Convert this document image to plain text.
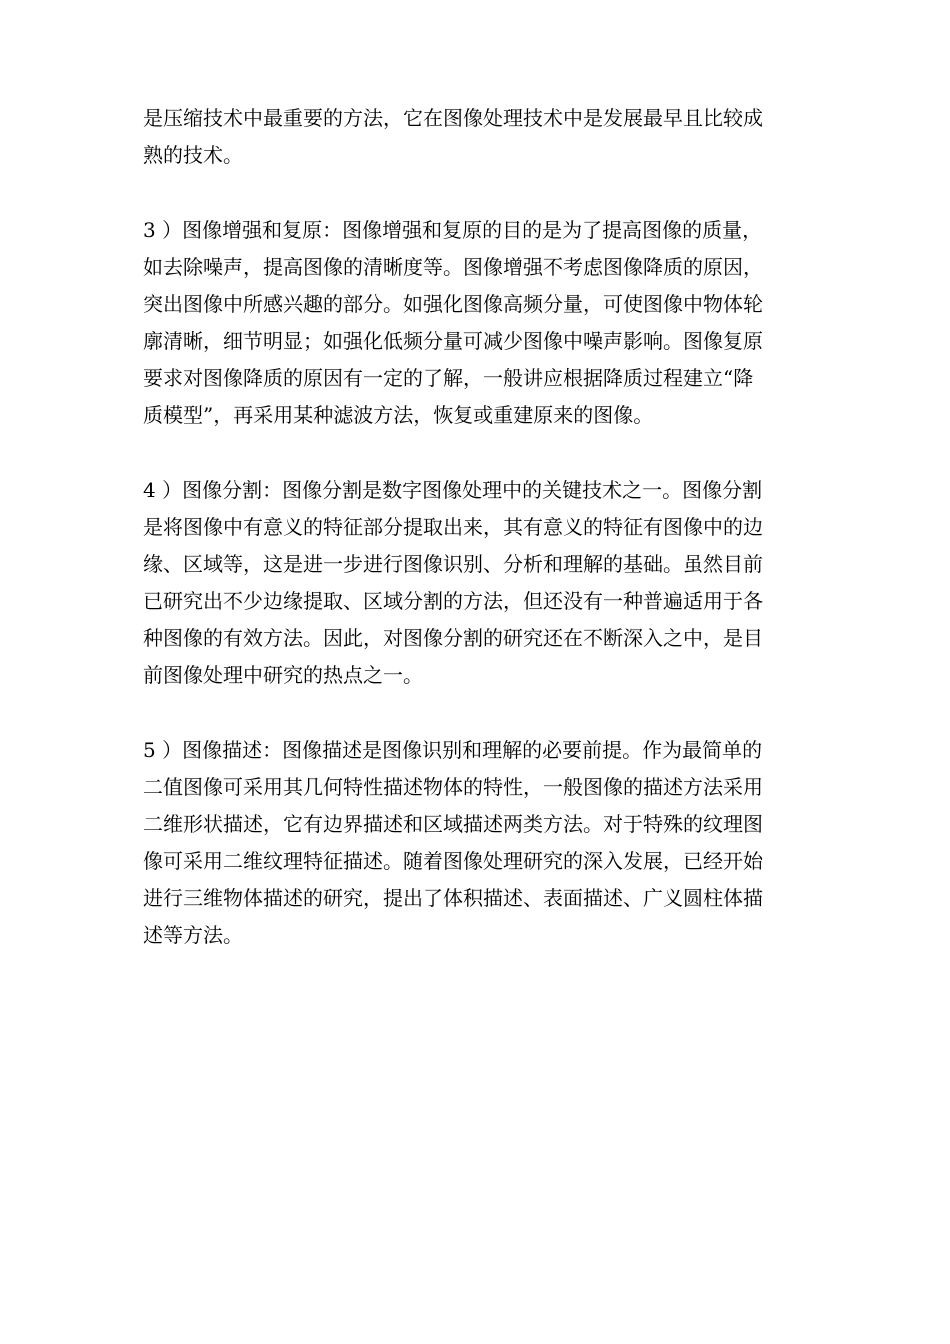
是压缩技术中最重要的方法，它在图像处理技术中是发展最早且比较成
熟的技术。
3 ）图像增强和复原：图像增强和复原的目的是为了提高图像的质量，
如去除噪声，提高图像的清晰度等。图像增强不考虑图像降质的原因，
突出图像中所感兴趣的部分。如强化图像高频分量，可使图像中物体轮
廓清晰，细节明显；如强化低频分量可减少图像中噪声影响。图像复原
要求对图像降质的原因有一定的了解，一般讲应根据降质过程建立“降
质模型”，再采用某种滤波方法，恢复或重建原来的图像。
4 ）图像分割：图像分割是数字图像处理中的关键技术之一。图像分割
是将图像中有意义的特征部分提取出来，其有意义的特征有图像中的边
缘、区域等，这是进一步进行图像识别、分析和理解的基础。虽然目前
已研究出不少边缘提取、区域分割的方法，但还没有一种普遍适用于各
种图像的有效方法。因此，对图像分割的研究还在不断深入之中，是目
前图像处理中研究的热点之一。
5 ）图像描述：图像描述是图像识别和理解的必要前提。作为最简单的
二值图像可采用其几何特性描述物体的特性，一般图像的描述方法采用
二维形状描述，它有边界描述和区域描述两类方法。对于特殊的纹理图
像可采用二维纹理特征描述。随着图像处理研究的深入发展，已经开始
进行三维物体描述的研究，提出了体积描述、表面描述、广义圆柱体描
述等方法。
